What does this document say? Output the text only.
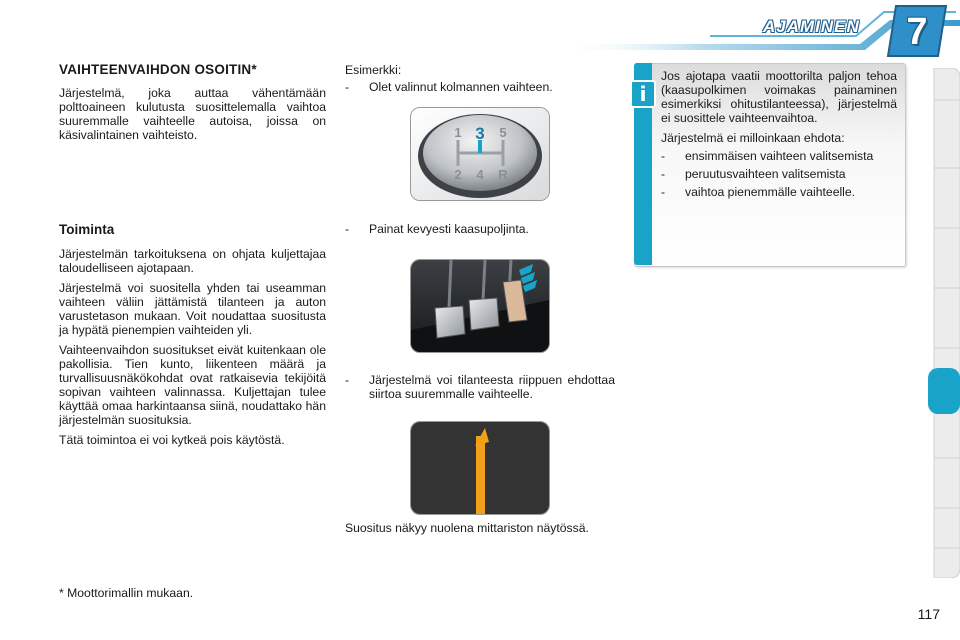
AJAMINEN	7
VAIHTEENVAIHDON OSOITIN*

Järjestelmä, joka auttaa vähentämään polttoaineen kulutusta suosittelemalla vaihtoa suuremmalle vaihteelle autoisa, joissa on käsivalintainen vaihteisto.

Toiminta

Järjestelmän tarkoituksena on ohjata kuljettajaa taloudelliseen ajotapaan.

Järjestelmä voi suositella yhden tai useamman vaihteen väliin jättämistä tilanteen ja auton varustetason mukaan. Voit noudattaa suositusta ja hypätä pienempien vaihteiden yli.

Vaihteenvaihdon suositukset eivät kuitenkaan ole pakollisia. Tien kunto, liikenteen määrä ja turvallisuusnäkökohdat ovat ratkaisevia tekijöitä sopivan vaihteen valinnassa. Kuljettajan tulee käyttää omaa harkintaansa siinä, noudattako hän järjestelmän suosituksia.

Tätä toimintoa ei voi kytkeä pois käytöstä.

* Moottorimallin mukaan.

Esimerkki:

- Olet valinnut kolmannen vaihteen.
1 3 5
2 4 R
- Painat kevyesti kaasupoljinta.
- Järjestelmä voi tilanteesta riippuen ehdottaa siirtoa suuremmalle vaihteelle.
Suositus näkyy nuolena mittariston näytössä.
i

Jos ajotapa vaatii moottorilta paljon tehoa (kaasupolkimen voimakas painaminen esimerkiksi ohitustilanteessa), järjestelmä ei suosittele vaihteenvaihtoa.

Järjestelmä ei milloinkaan ehdota:

- ensimmäisen vaihteen valitsemista
- peruutusvaihteen valitsemista
- vaihtoa pienemmälle vaihteelle.
117
